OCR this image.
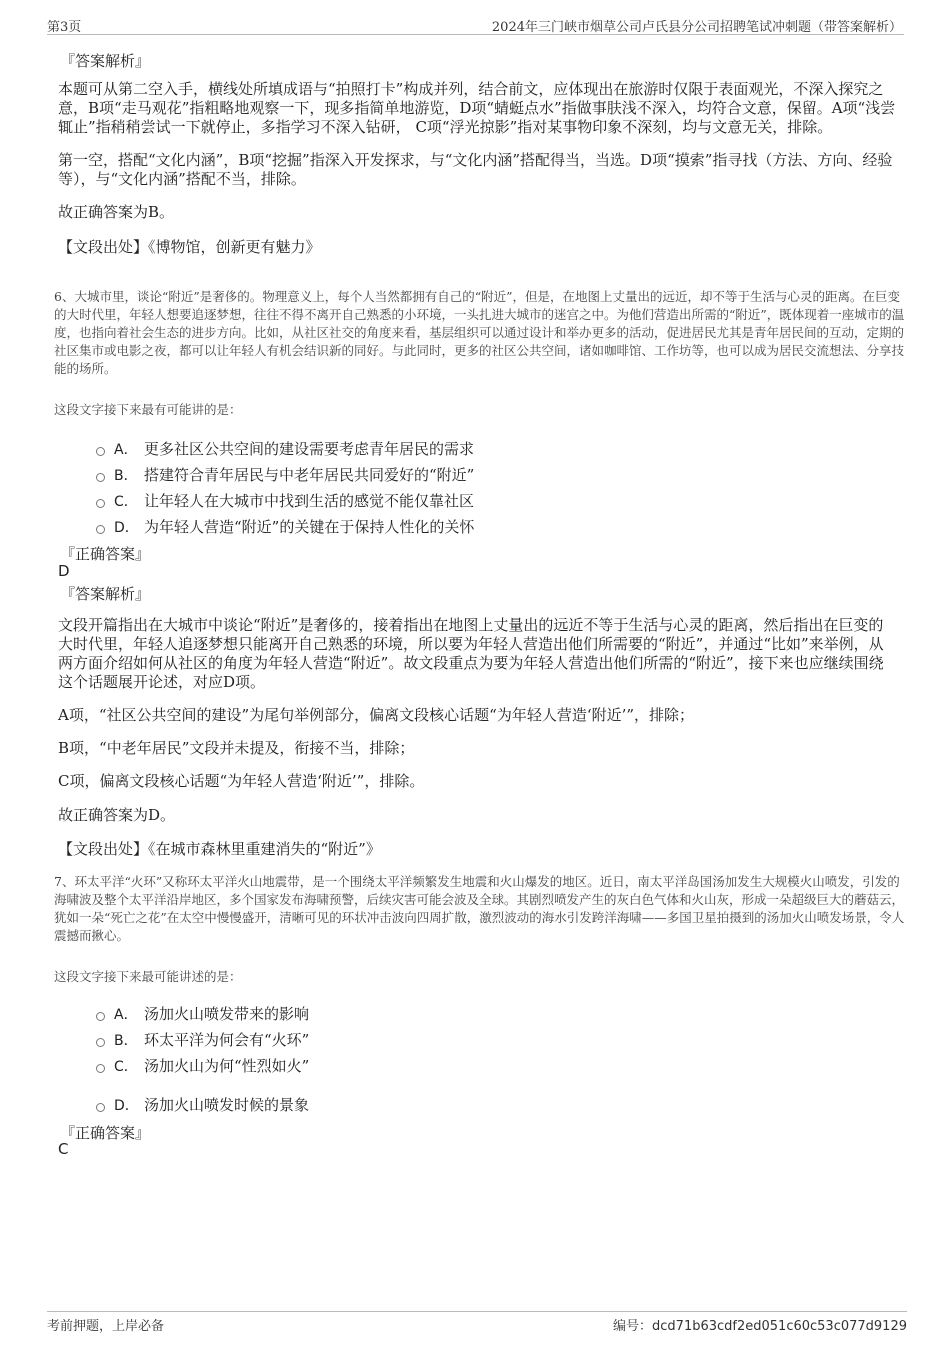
第3页	2024年三门峡市烟草公司卢氏县分公司招聘笔试冲刺题（带答案解析）
『答案解析』
本题可从第二空入手，横线处所填成语与“拍照打卡”构成并列，结合前文，应体现出在旅游时仅限于表面观光，不深入探究之意，B项“走马观花”指粗略地观察一下，现多指简单地游览，D项“蜻蜓点水”指做事肤浅不深入，均符合文意，保留。A项“浅尝辄止”指稍稍尝试一下就停止，多指学习不深入钻研， C项“浮光掠影”指对某事物印象不深刻，均与文意无关，排除。
第一空，搭配“文化内涵”，B项“挖掘”指深入开发探求，与“文化内涵”搭配得当，当选。D项“摸索”指寻找（方法、方向、经验等），与“文化内涵”搭配不当，排除。
故正确答案为B。
【文段出处】《博物馆，创新更有魅力》
6、大城市里，谈论“附近”是奢侈的。物理意义上，每个人当然都拥有自己的“附近”，但是，在地图上丈量出的远近，却不等于生活与心灵的距离。在巨变的大时代里，年轻人想要追逐梦想，往往不得不离开自己熟悉的小环境，一头扎进大城市的迷宫之中。为他们营造出所需的“附近”，既体现着一座城市的温度，也指向着社会生态的进步方向。比如，从社区社交的角度来看，基层组织可以通过设计和举办更多的活动，促进居民尤其是青年居民间的互动，定期的社区集市或电影之夜，都可以让年轻人有机会结识新的同好。与此同时，更多的社区公共空间，诸如咖啡馆、工作坊等，也可以成为居民交流想法、分享技能的场所。
这段文字接下来最有可能讲的是：
A． 更多社区公共空间的建设需要考虑青年居民的需求
B． 搭建符合青年居民与中老年居民共同爱好的“附近”
C． 让年轻人在大城市中找到生活的感觉不能仅靠社区
D． 为年轻人营造“附近”的关键在于保持人性化的关怀
『正确答案』
D
『答案解析』
文段开篇指出在大城市中谈论“附近”是奢侈的，接着指出在地图上丈量出的远近不等于生活与心灵的距离，然后指出在巨变的大时代里，年轻人追逐梦想只能离开自己熟悉的环境，所以要为年轻人营造出他们所需要的“附近”，并通过“比如”来举例，从两方面介绍如何从社区的角度为年轻人营造“附近”。故文段重点为要为年轻人营造出他们所需的“附近”，接下来也应继续围绕这个话题展开论述，对应D项。
A项，“社区公共空间的建设”为尾句举例部分，偏离文段核心话题“为年轻人营造‘附近’”，排除；
B项，“中老年居民”文段并未提及，衔接不当，排除；
C项，偏离文段核心话题“为年轻人营造‘附近’”，排除。
故正确答案为D。
【文段出处】《在城市森林里重建消失的“附近”》
7、环太平洋“火环”又称环太平洋火山地震带，是一个围绕太平洋频繁发生地震和火山爆发的地区。近日，南太平洋岛国汤加发生大规模火山喷发，引发的海啸波及整个太平洋沿岸地区，多个国家发布海啸预警，后续灾害可能会波及全球。其剧烈喷发产生的灰白色气体和火山灰，形成一朵超级巨大的蘑菇云，犹如一朵“死亡之花”在太空中慢慢盛开，清晰可见的环状冲击波向四周扩散，激烈波动的海水引发跨洋海啸——多国卫星拍摄到的汤加火山喷发场景，令人震撼而揪心。
这段文字接下来最可能讲述的是：
A． 汤加火山喷发带来的影响
B． 环太平洋为何会有“火环”
C． 汤加火山为何“性烈如火”
D． 汤加火山喷发时候的景象
『正确答案』
C
考前押题，上岸必备	编号：dcd71b63cdf2ed051c60c53c077d9129
